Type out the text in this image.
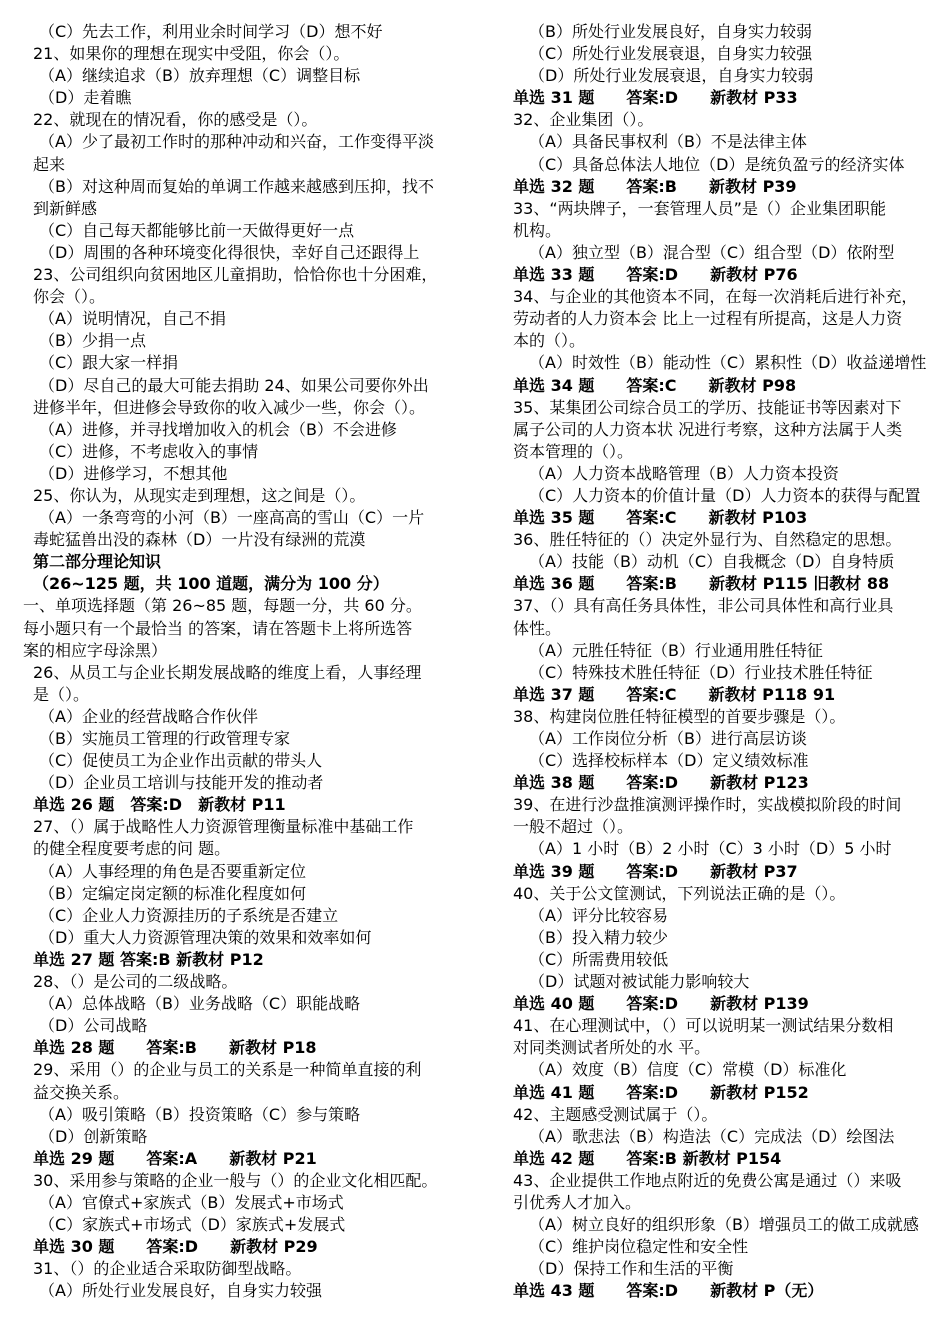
（C）先去工作，利用业余时间学习（D）想不好
21、如果你的理想在现实中受阻，你会（）。
（A）继续追求（B）放弃理想（C）调整目标
（D）走着瞧
22、就现在的情况看，你的感受是（）。
（A）少了最初工作时的那种冲动和兴奋，工作变得平淡
起来
（B）对这种周而复始的单调工作越来越感到压抑，找不
到新鲜感
（C）自己每天都能够比前一天做得更好一点
（D）周围的各种环境变化得很快，幸好自己还跟得上
23、公司组织向贫困地区儿童捐助，恰恰你也十分困难，
你会（）。
（A）说明情况，自己不捐
（B）少捐一点
（C）跟大家一样捐
（D）尽自己的最大可能去捐助 24、如果公司要你外出
进修半年，但进修会导致你的收入减少一些，你会（）。
（A）进修，并寻找增加收入的机会（B）不会进修
（C）进修，不考虑收入的事情
（D）进修学习，不想其他
25、你认为，从现实走到理想，这之间是（）。
（A）一条弯弯的小河（B）一座高高的雪山（C）一片
毒蛇猛兽出没的森林（D）一片没有绿洲的荒漠
第二部分理论知识
（26~125 题，共 100 道题，满分为 100 分）
一、单项选择题（第 26~85 题，每题一分，共 60 分。
每小题只有一个最恰当 的答案，请在答题卡上将所选答
案的相应字母涂黑）
26、从员工与企业长期发展战略的维度上看，人事经理
是（）。
（A）企业的经营战略合作伙伴
（B）实施员工管理的行政管理专家
（C）促使员工为企业作出贡献的带头人
（D）企业员工培训与技能开发的推动者
单选 26 题　答案:D　新教材 P11
27、（）属于战略性人力资源管理衡量标准中基础工作
的健全程度要考虑的问 题。
（A）人事经理的角色是否要重新定位
（B）定编定岗定额的标准化程度如何
（C）企业人力资源挂历的子系统是否建立
（D）重大人力资源管理决策的效果和效率如何
单选 27 题 答案:B 新教材 P12
28、（）是公司的二级战略。
（A）总体战略（B）业务战略（C）职能战略
（D）公司战略
单选 28 题　　答案:B　　新教材 P18
29、采用（）的企业与员工的关系是一种简单直接的利
益交换关系。
（A）吸引策略（B）投资策略（C）参与策略
（D）创新策略
单选 29 题　　答案:A　　新教材 P21
30、采用参与策略的企业一般与（）的企业文化相匹配。
（A）官僚式+家族式（B）发展式+市场式
（C）家族式+市场式（D）家族式+发展式
单选 30 题　　答案:D　　新教材 P29
31、（）的企业适合采取防御型战略。
（A）所处行业发展良好，自身实力较强
（B）所处行业发展良好，自身实力较弱
（C）所处行业发展衰退，自身实力较强
（D）所处行业发展衰退，自身实力较弱
单选 31 题　　答案:D　　新教材 P33
32、企业集团（）。
（A）具备民事权利（B）不是法律主体
（C）具备总体法人地位（D）是统负盈亏的经济实体
单选 32 题　　答案:B　　新教材 P39
33、“两块牌子，一套管理人员”是（）企业集团职能
机构。
（A）独立型（B）混合型（C）组合型（D）依附型
单选 33 题　　答案:D　　新教材 P76
34、与企业的其他资本不同，在每一次消耗后进行补充，
劳动者的人力资本会 比上一过程有所提高，这是人力资
本的（）。
（A）时效性（B）能动性（C）累积性（D）收益递增性
单选 34 题　　答案:C　　新教材 P98
35、某集团公司综合员工的学历、技能证书等因素对下
属子公司的人力资本状 况进行考察，这种方法属于人类
资本管理的（）。
（A）人力资本战略管理（B）人力资本投资
（C）人力资本的价值计量（D）人力资本的获得与配置
单选 35 题　　答案:C　　新教材 P103
36、胜任特征的（）决定外显行为、自然稳定的思想。
（A）技能（B）动机（C）自我概念（D）自身特质
单选 36 题　　答案:B　　新教材 P115 旧教材 88
37、（）具有高任务具体性，非公司具体性和高行业具
体性。
（A）元胜任特征（B）行业通用胜任特征
（C）特殊技术胜任特征（D）行业技术胜任特征
单选 37 题　　答案:C　　新教材 P118 91
38、构建岗位胜任特征模型的首要步骤是（）。
（A）工作岗位分析（B）进行高层访谈
（C）选择校标样本（D）定义绩效标准
单选 38 题　　答案:D　　新教材 P123
39、在进行沙盘推演测评操作时，实战模拟阶段的时间
一般不超过（）。
（A）1 小时（B）2 小时（C）3 小时（D）5 小时
单选 39 题　　答案:D　　新教材 P37
40、关于公文筐测试，下列说法正确的是（）。
（A）评分比较容易
（B）投入精力较少
（C）所需费用较低
（D）试题对被试能力影响较大
单选 40 题　　答案:D　　新教材 P139
41、在心理测试中，（）可以说明某一测试结果分数相
对同类测试者所处的水 平。
（A）效度（B）信度（C）常模（D）标准化
单选 41 题　　答案:D　　新教材 P152
42、主题感受测试属于（）。
（A）歌悲法（B）构造法（C）完成法（D）绘图法
单选 42 题　　答案:B 新教材 P154
43、企业提供工作地点附近的免费公寓是通过（）来吸
引优秀人才加入。
（A）树立良好的组织形象（B）增强员工的做工成就感
（C）维护岗位稳定性和安全性
（D）保持工作和生活的平衡
单选 43 题　　答案:D　　新教材 P（无）
